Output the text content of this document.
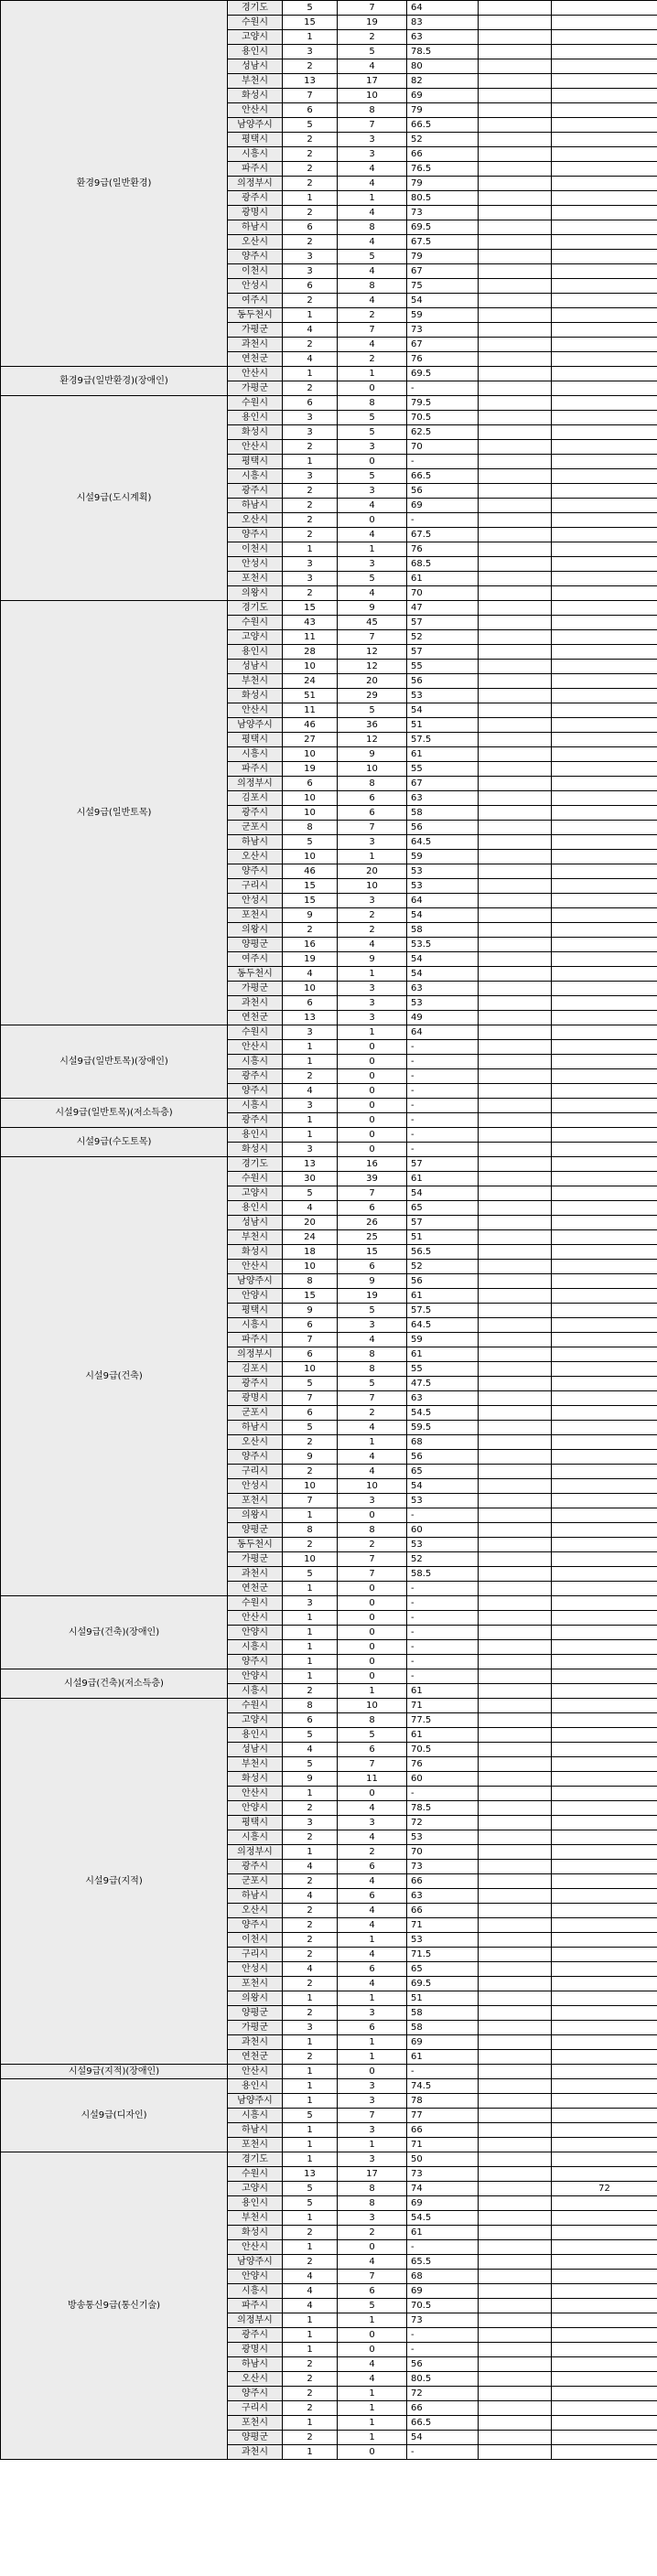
환경9급(일반환경)	경기도	5	7	64		
	수원시	15	19	83		
	고양시	1	2	63		
	용인시	3	5	78.5		
	성남시	2	4	80		
	부천시	13	17	82		
	화성시	7	10	69		
	안산시	6	8	79		
	남양주시	5	7	66.5		
	평택시	2	3	52		
	시흥시	2	3	66		
	파주시	2	4	76.5		
	의정부시	2	4	79		
	광주시	1	1	80.5		
	광명시	2	4	73		
	하남시	6	8	69.5		
	오산시	2	4	67.5		
	양주시	3	5	79		
	이천시	3	4	67		
	안성시	6	8	75		
	여주시	2	4	54		
	동두천시	1	2	59		
	가평군	4	7	73		
	과천시	2	4	67		
	연천군	4	2	76		
환경9급(일반환경)(장애인)	안산시	1	1	69.5		
	가평군	2	0	-		
시설9급(도시계획)	수원시	6	8	79.5		
	용인시	3	5	70.5		
	화성시	3	5	62.5		
	안산시	2	3	70		
	평택시	1	0	-		
	시흥시	3	5	66.5		
	광주시	2	3	56		
	하남시	2	4	69		
	오산시	2	0	-		
	양주시	2	4	67.5		
	이천시	1	1	76		
	안성시	3	3	68.5		
	포천시	3	5	61		
	의왕시	2	4	70		
시설9급(일반토목)	경기도	15	9	47		
	수원시	43	45	57		
	고양시	11	7	52		
	용인시	28	12	57		
	성남시	10	12	55		
	부천시	24	20	56		
	화성시	51	29	53		
	안산시	11	5	54		
	남양주시	46	36	51		
	평택시	27	12	57.5		
	시흥시	10	9	61		
	파주시	19	10	55		
	의정부시	6	8	67		
	김포시	10	6	63		
	광주시	10	6	58		
	군포시	8	7	56		
	하남시	5	3	64.5		
	오산시	10	1	59		
	양주시	46	20	53		
	구리시	15	10	53		
	안성시	15	3	64		
	포천시	9	2	54		
	의왕시	2	2	58		
	양평군	16	4	53.5		
	여주시	19	9	54		
	동두천시	4	1	54		
	가평군	10	3	63		
	과천시	6	3	53		
	연천군	13	3	49		
시설9급(일반토목)(장애인)	수원시	3	1	64		
	안산시	1	0	-		
	시흥시	1	0	-		
	광주시	2	0	-		
	양주시	4	0	-		
시설9급(일반토목)(저소득층)	시흥시	3	0	-		
	광주시	1	0	-		
시설9급(수도토목)	용인시	1	0	-		
	화성시	3	0	-		
시설9급(건축)	경기도	13	16	57		
	수원시	30	39	61		
	고양시	5	7	54		
	용인시	4	6	65		
	성남시	20	26	57		
	부천시	24	25	51		
	화성시	18	15	56.5		
	안산시	10	6	52		
	남양주시	8	9	56		
	안양시	15	19	61		
	평택시	9	5	57.5		
	시흥시	6	3	64.5		
	파주시	7	4	59		
	의정부시	6	8	61		
	김포시	10	8	55		
	광주시	5	5	47.5		
	광명시	7	7	63		
	군포시	6	2	54.5		
	하남시	5	4	59.5		
	오산시	2	1	68		
	양주시	9	4	56		
	구리시	2	4	65		
	안성시	10	10	54		
	포천시	7	3	53		
	의왕시	1	0	-		
	양평군	8	8	60		
	동두천시	2	2	53		
	가평군	10	7	52		
	과천시	5	7	58.5		
	연천군	1	0	-		
시설9급(건축)(장애인)	수원시	3	0	-		
	안산시	1	0	-		
	안양시	1	0	-		
	시흥시	1	0	-		
	양주시	1	0	-		
시설9급(건축)(저소득층)	안양시	1	0	-		
	시흥시	2	1	61		
시설9급(지적)	수원시	8	10	71		
	고양시	6	8	77.5		
	용인시	5	5	61		
	성남시	4	6	70.5		
	부천시	5	7	76		
	화성시	9	11	60		
	안산시	1	0	-		
	안양시	2	4	78.5		
	평택시	3	3	72		
	시흥시	2	4	53		
	의정부시	1	2	70		
	광주시	4	6	73		
	군포시	2	4	66		
	하남시	4	6	63		
	오산시	2	4	66		
	양주시	2	4	71		
	이천시	2	1	53		
	구리시	2	4	71.5		
	안성시	4	6	65		
	포천시	2	4	69.5		
	의왕시	1	1	51		
	양평군	2	3	58		
	가평군	3	6	58		
	과천시	1	1	69		
	연천군	2	1	61		
시설9급(지적)(장애인)	안산시	1	0	-		
시설9급(디자인)	용인시	1	3	74.5		
	남양주시	1	3	78		
	시흥시	5	7	77		
	하남시	1	3	66		
	포천시	1	1	71		
방송통신9급(통신기술)	경기도	1	3	50		
	수원시	13	17	73		
	고양시	5	8	74		72
	용인시	5	8	69		
	부천시	1	3	54.5		
	화성시	2	2	61		
	안산시	1	0	-		
	남양주시	2	4	65.5		
	안양시	4	7	68		
	시흥시	4	6	69		
	파주시	4	5	70.5		
	의정부시	1	1	73		
	광주시	1	0	-		
	광명시	1	0	-		
	하남시	2	4	56		
	오산시	2	4	80.5		
	양주시	2	1	72		
	구리시	2	1	66		
	포천시	1	1	66.5		
	양평군	2	1	54		
	과천시	1	0	-		
